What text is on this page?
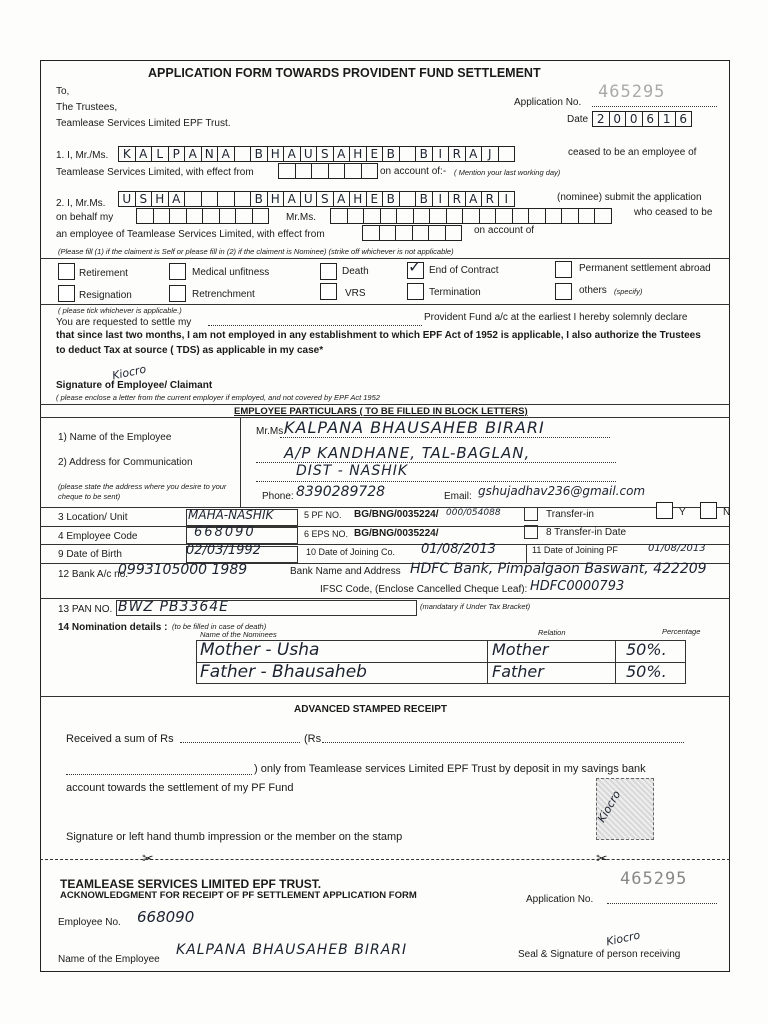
APPLICATION FORM TOWARDS PROVIDENT FUND SETTLEMENT
To,
The Trustees,
Teamlease Services Limited EPF Trust.
Application No.
465295
Date 2 0 0 6 1 6
1. I, Mr./Ms.	K A L P A N A	B H A U S A H E B	B I R A J	ceased to be an employee of
Teamlease Services Limited, with effect from	on account of:- ( Mention your last working day)
2. I, Mr.Ms.	U S H A	B H A U S A H E B	B I R A R I	(nominee) submit the application
on behalf my	Mr.Ms.	who ceased to be
an employee of Teamlease Services Limited, with effect from	on account of
(Please fill (1) if the claiment is Self or please fill in (2) if the claiment is Nominee) (strike off whichever is not applicable)
Retirement	Medical unfitness	Death ✓ End of Contract	Permanent settlement abroad
Resignation	Retrenchment	VRS	Termination	others (specify)
( please tick whichever is applicable.)
You are requested to settle my	Provident Fund a/c at the earliest I hereby solemnly declare
that since last two months, I am not employed in any establishment to which EPF Act of 1952 is applicable, I also authorize the Trustees
to deduct Tax at source ( TDS) as applicable in my case*
Signature of Employee/ Claimant
Kiocro
( please enclose a letter from the current employer if employed, and not covered by EPF Act 1952
EMPLOYEE PARTICULARS ( TO BE FILLED IN BLOCK LETTERS)
1) Name of the Employee
Mr.Ms.
KALPANA BHAUSAHEB BIRARI
2) Address for Communication
A/P KANDHANE, TAL-BAGLAN,
DIST - NASHIK
(please state the address where you desire to your cheque to be sent)	Phone: 8390289728	Email: gshujadhav236@gmail.com
3 Location/ Unit	MAHA-NASHIK	5 PF NO. BG/BNG/0035224/ 000/054088	Transfer-in	Y	N
4 Employee Code	668090	6 EPS NO. BG/BNG/0035224/	8 Transfer-in Date
9 Date of Birth	02/03/1992	10 Date of Joining Co. 01/08/2013	11 Date of Joining PF	01/08/2013
12 Bank A/c no.
0993105000 1989	Bank Name and Address HDFC Bank, Pimpalgaon Baswant, 422209
IFSC Code, (Enclose Cancelled Cheque Leaf): HDFC0000793
13 PAN NO. BWZ PB3364E	(mandatary if Under Tax Bracket)
14 Nomination details : (to be filled in case of death)
Name of the Nominees	Relation	Percentage
Mother - Usha	Mother	50%.
Father - Bhausaheb	Father	50%.
ADVANCED STAMPED RECEIPT
Received a sum of Rs	(Rs
) only from Teamlease services Limited EPF Trust by deposit in my savings bank
account towards the settlement of my PF Fund
Kiocro
Signature or left hand thumb impression or the member on the stamp
✂	✂
TEAMLEASE SERVICES LIMITED EPF TRUST.
ACKNOWLEDGMENT FOR RECEIPT OF PF SETTLEMENT APPLICATION FORM
465295
Application No.
Employee No. 668090
Name of the Employee
KALPANA BHAUSAHEB BIRARI	Seal & Signature of person receiving
Kiocro
